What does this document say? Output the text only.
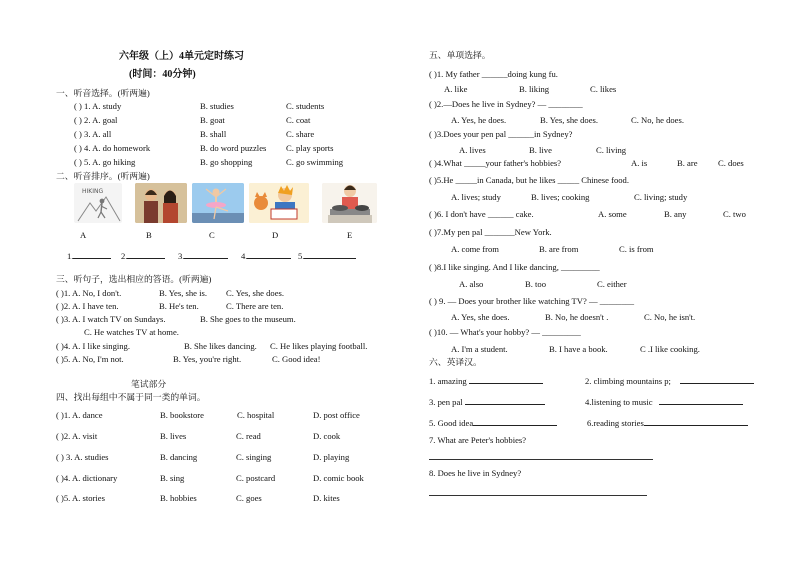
六年级（上）4单元定时练习
(时间：40分钟)
一、听音选择。(听两遍)
( ) 1. A. study	B. studies	C. students
( ) 2. A. goal	B. goat	C. coat
( ) 3. A. all	B. shall	C. share
( ) 4. A. do homework	B. do word puzzles C. play sports
( ) 5. A. go hiking	B. go shopping	C. go swimming
二、听音排序。(听两遍)
HIKING
A	B	C	D	E
1.	2.	3.	4.	5.
三、听句子，选出相应的答语。(听两遍)
( )1. A. No, I don't.	B. Yes, she is. C. Yes, she does.
( )2. A. I have ten.	B. He's ten.	C. There are ten.
( )3. A. I watch TV on Sundays.	B. She goes to the museum.
C. He watches TV at home.
( )4. A. I like singing.	B. She likes dancing. C. He likes playing football.
( )5. A. No, I'm not.	B. Yes, you're right.	C. Good idea!
笔试部分
四、找出每组中不属于同一类的单词。
( )1. A. dance	B. bookstore	C. hospital	D. post office
( )2. A. visit	B. lives	C. read	D. cook
( ) 3. A. studies	B. dancing	C. singing	D. playing
( )4. A. dictionary	B. sing	C. postcard	D. comic book
( )5. A. stories	B. hobbies	C. goes	D. kites
五、单项选择。
( )1. My father ______doing kung fu.
A. like	B. liking	C. likes
( )2.—Does he live in Sydney? — ________
A. Yes, he does.	B. Yes, she does.	C. No, he does.
( )3.Does your pen pal ______in Sydney?
A. lives	B. live	C. living
( )4.What _____your father's hobbies?	A. is	B. are C. does
( )5.He _____in Canada, but he likes _____ Chinese food.
A. lives; study	B. lives; cooking	C. living; study
( )6. I don't have ______ cake.	A. some	B. any	C. two
( )7.My pen pal _______New York.
A. come from	B. are from	C. is from
( )8.I like singing. And I like dancing, _________
A. also	B. too	C. either
( ) 9. — Does your brother like watching TV? — ________
A. Yes, she does.	B. No, he doesn't .	C. No, he isn't.
( )10. — What's your hobby? — _________
A. I'm a student.	B. I have a book.	C .I like cooking.
六、英译汉。
1. amazing	2. climbing mountains p;
3. pen pal	4.listening to music
5. Good idea	6.reading stories
7. What are Peter's hobbies?
8. Does he live in Sydney?
